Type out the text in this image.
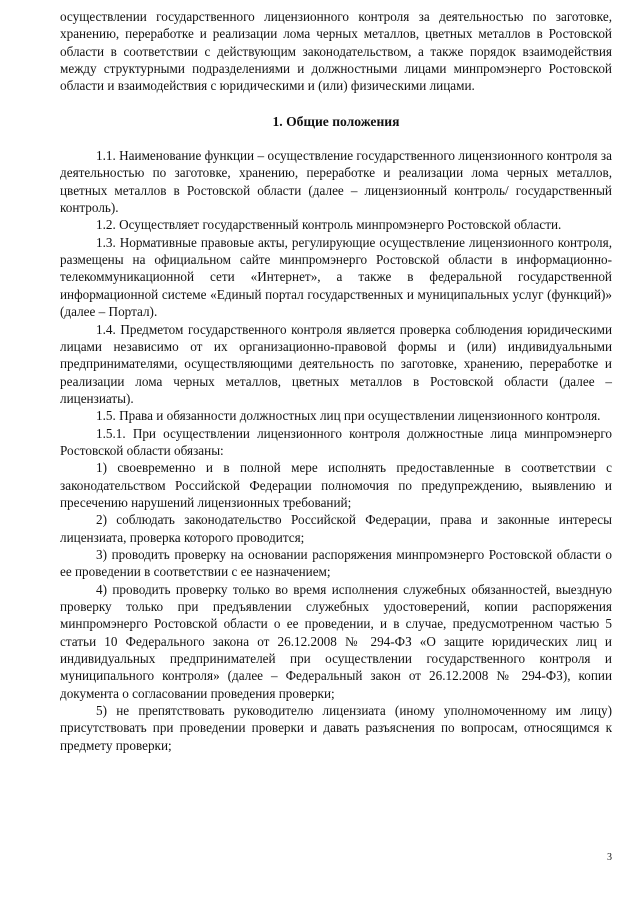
осуществлении государственного лицензионного контроля за деятельностью по заготовке, хранению, переработке и реализации лома черных металлов, цветных металлов в Ростовской области в соответствии с действующим законодательством, а также порядок взаимодействия между структурными подразделениями и должностными лицами минпромэнерго Ростовской области и взаимодействия с юридическими и (или) физическими лицами.

1. Общие положения

1.1. Наименование функции – осуществление государственного лицензионного контроля за деятельностью по заготовке, хранению, переработке и реализации лома черных металлов, цветных металлов в Ростовской области (далее – лицензионный контроль/ государственный контроль).

1.2. Осуществляет государственный контроль минпромэнерго Ростовской области.

1.3. Нормативные правовые акты, регулирующие осуществление лицензионного контроля, размещены на официальном сайте минпромэнерго Ростовской области в информационно-телекоммуникационной сети «Интернет», а также в федеральной государственной информационной системе «Единый портал государственных и муниципальных услуг (функций)» (далее – Портал).

1.4. Предметом государственного контроля является проверка соблюдения юридическими лицами независимо от их организационно-правовой формы и (или) индивидуальными предпринимателями, осуществляющими деятельность по заготовке, хранению, переработке и реализации лома черных металлов, цветных металлов в Ростовской области (далее – лицензиаты).

1.5. Права и обязанности должностных лиц при осуществлении лицензионного контроля.

1.5.1. При осуществлении лицензионного контроля должностные лица минпромэнерго Ростовской области обязаны:

1) своевременно и в полной мере исполнять предоставленные в соответствии с законодательством Российской Федерации полномочия по предупреждению, выявлению и пресечению нарушений лицензионных требований;

2) соблюдать законодательство Российской Федерации, права и законные интересы лицензиата, проверка которого проводится;

3) проводить проверку на основании распоряжения минпромэнерго Ростовской области о ее проведении в соответствии с ее назначением;

4) проводить проверку только во время исполнения служебных обязанностей, выездную проверку только при предъявлении служебных удостоверений, копии распоряжения минпромэнерго Ростовской области о ее проведении, и в случае, предусмотренном частью 5 статьи 10 Федерального закона от 26.12.2008 № 294-ФЗ «О защите юридических лиц и индивидуальных предпринимателей при осуществлении государственного контроля и муниципального контроля» (далее – Федеральный закон от 26.12.2008 № 294-ФЗ), копии документа о согласовании проведения проверки;

5) не препятствовать руководителю лицензиата (иному уполномоченному им лицу) присутствовать при проведении проверки и давать разъяснения по вопросам, относящимся к предмету проверки;

3
